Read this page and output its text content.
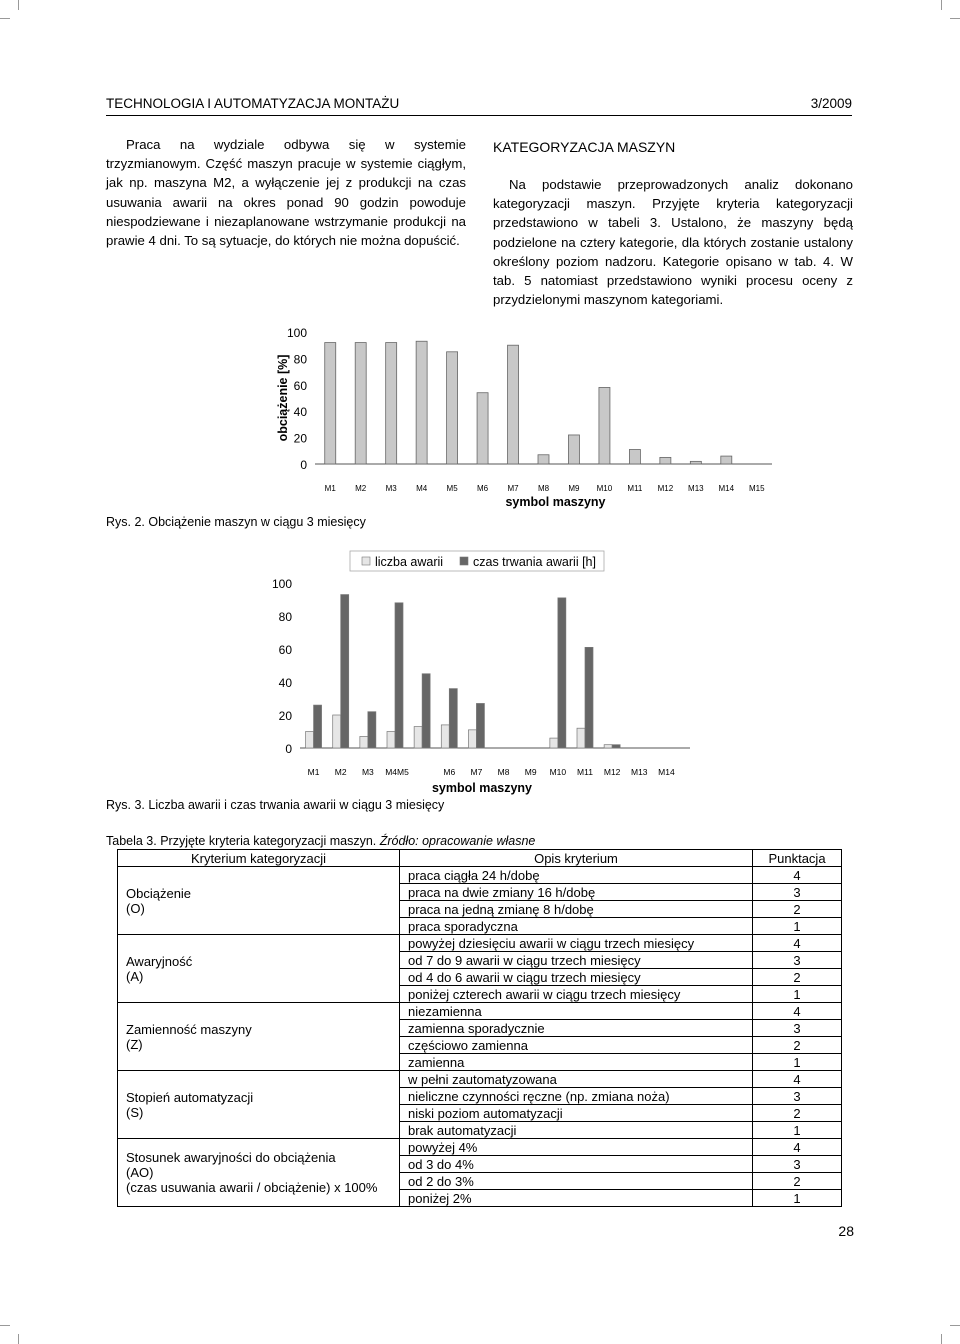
TECHNOLOGIA I AUTOMATYZACJA MONTAŻU	3/2009
Praca na wydziale odbywa się w systemie trzyzmianowym. Część maszyn pracuje w systemie ciągłym, jak np. maszyna M2, a wyłączenie jej z produkcji na czas usuwania awarii na okres ponad 90 godzin powoduje niespodziewane i niezaplanowane wstrzymanie produkcji na prawie 4 dni. To są sytuacje, do których nie można dopuścić.
KATEGORYZACJA MASZYN
Na podstawie przeprowadzonych analiz dokonano kategoryzacji maszyn. Przyjęte kryteria kategoryzacji przedstawiono w tabeli 3. Ustalono, że maszyny będą podzielone na cztery kategorie, dla których zostanie ustalony określony poziom nadzoru. Kategorie opisano w tab. 4. W tab. 5 natomiast przedstawiono wyniki procesu oceny z przydzielonymi maszynom kategoriami.
0
20
40
60
80
100
obciążenie [%]
M1 M2 M3 M4 M5 M6 M7 M8 M9 M10 M11 M12 M13 M14 M15
symbol maszyny
Rys. 2. Obciążenie maszyn w ciągu 3 miesięcy
0
20
40
60
80
100
liczba awarii czas trwania awarii [h]
M1 M2 M3 M4M5	M6 M7 M8 M9 M10 M11 M12 M13 M14
symbol maszyny
Rys. 3. Liczba awarii i czas trwania awarii w ciągu 3 miesięcy
Tabela 3. Przyjęte kryteria kategoryzacji maszyn. Źródło: opracowanie własne
Kryterium kategoryzacji	Opis kryterium	Punktacja

Obciążenie
(O)	praca ciągła 24 h/dobę	4
	praca na dwie zmiany 16 h/dobę	3
	praca na jedną zmianę 8 h/dobę	2
	praca sporadyczna	1

Awaryjność
(A)	powyżej dziesięciu awarii w ciągu trzech miesięcy	4
	od 7 do 9 awarii w ciągu trzech miesięcy	3
	od 4 do 6 awarii w ciągu trzech miesięcy	2
	poniżej czterech awarii w ciągu trzech miesięcy	1

Zamienność maszyny
(Z)	niezamienna	4
	zamienna sporadycznie	3
	częściowo zamienna	2
	zamienna	1

Stopień automatyzacji
(S)	w pełni zautomatyzowana	4
	nieliczne czynności ręczne (np. zmiana noża)	3
	niski poziom automatyzacji	2
	brak automatyzacji	1

Stosunek awaryjności do obciążenia
(AO)
(czas usuwania awarii / obciążenie) x 100%	powyżej 4%	4
	od 3 do 4%	3
	od 2 do 3%	2
	poniżej 2%	1
28
